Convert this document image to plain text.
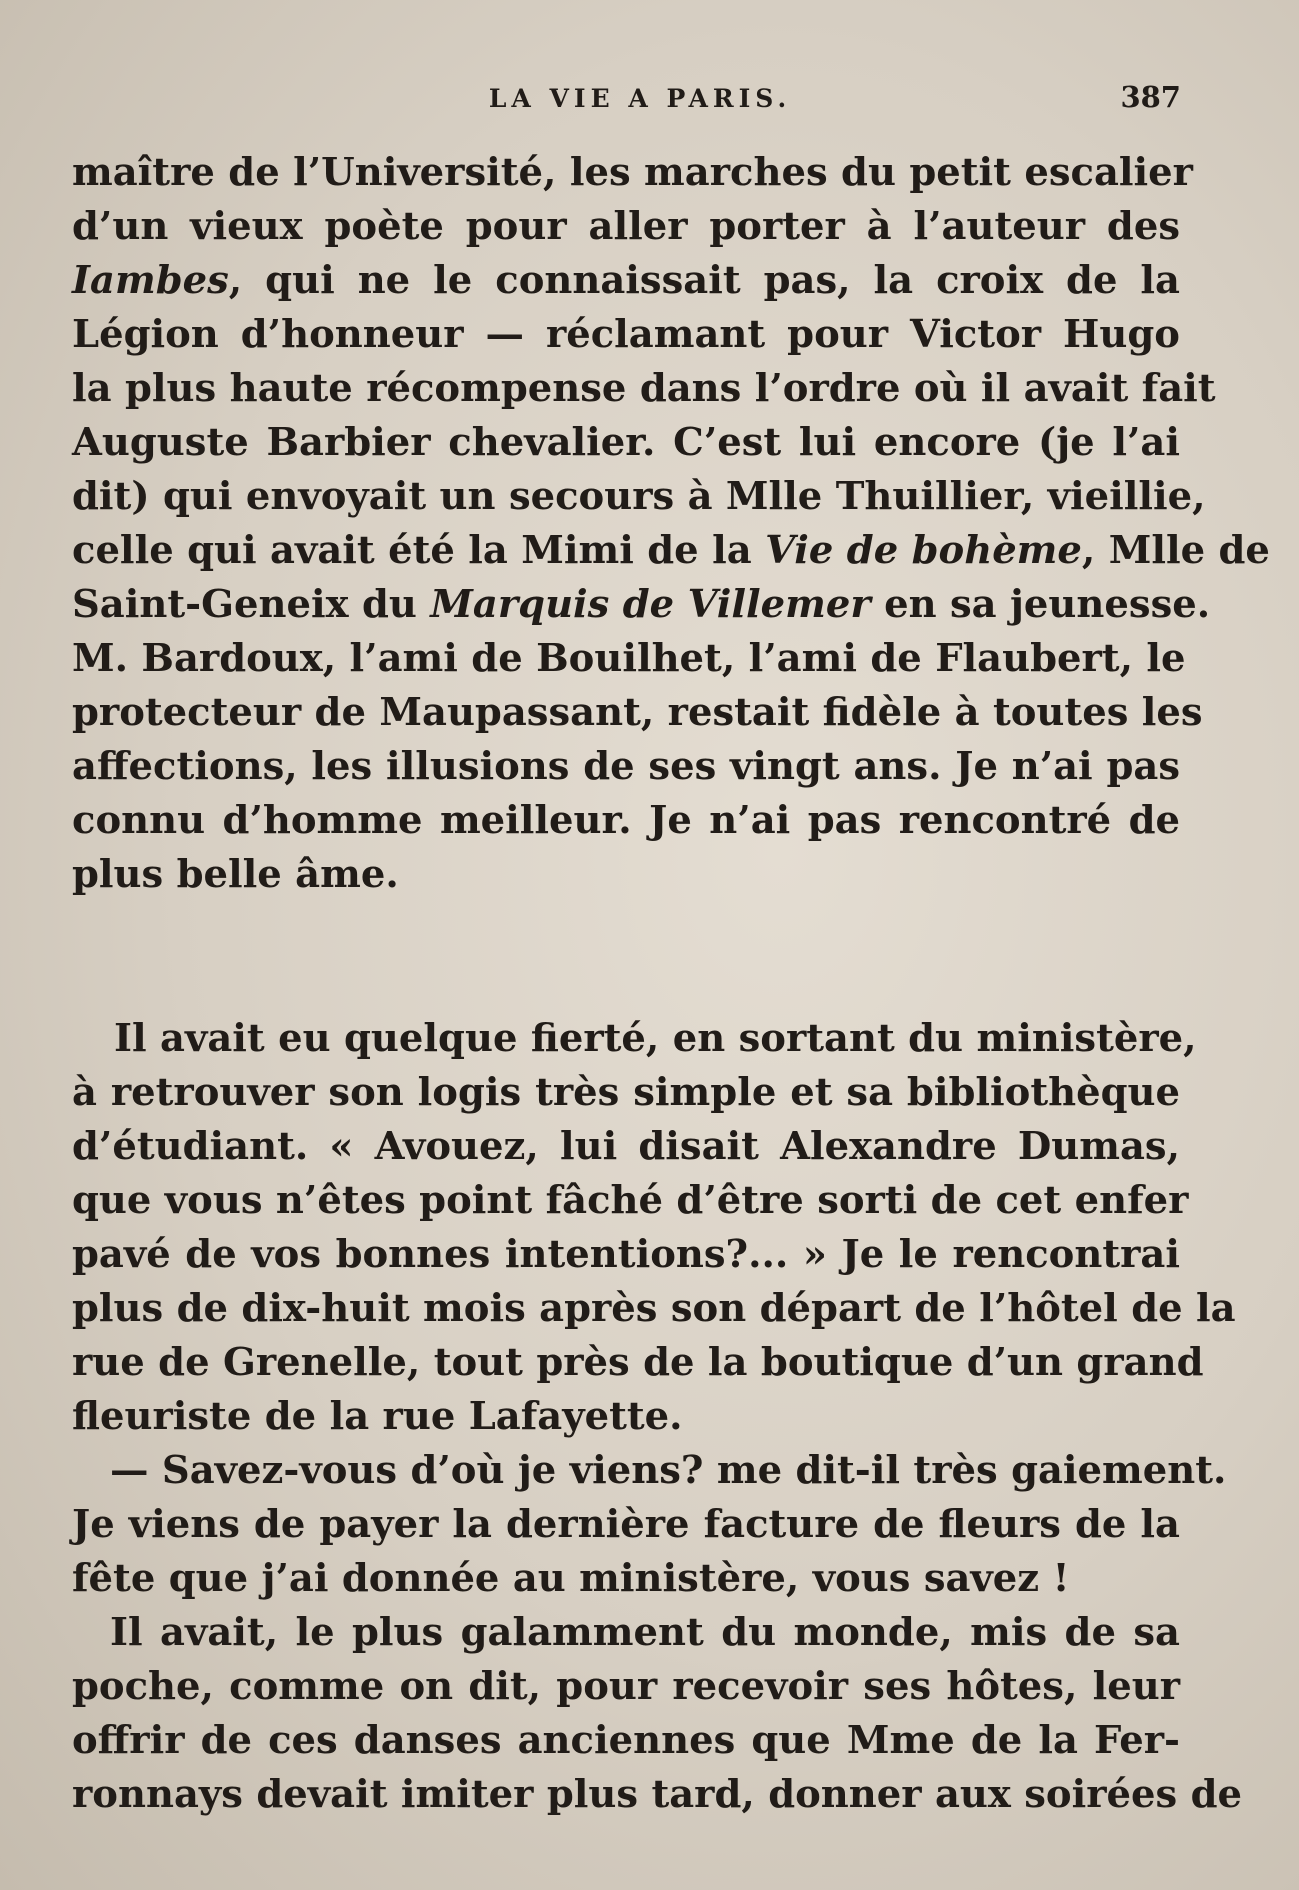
LA VIE A PARIS.	387
maître de l’Université, les marches du petit escalier
d’un vieux poète pour aller porter à l’auteur des
Iambes, qui ne le connaissait pas, la croix de la
Légion d’honneur — réclamant pour Victor Hugo
la plus haute récompense dans l’ordre où il avait fait
Auguste Barbier chevalier. C’est lui encore (je l’ai
dit) qui envoyait un secours à Mlle Thuillier, vieillie,
celle qui avait été la Mimi de la Vie de bohème, Mlle de
Saint-Geneix du Marquis de Villemer en sa jeunesse.
M. Bardoux, l’ami de Bouilhet, l’ami de Flaubert, le
protecteur de Maupassant, restait fidèle à toutes les
affections, les illusions de ses vingt ans. Je n’ai pas
connu d’homme meilleur. Je n’ai pas rencontré de
plus belle âme.
Il avait eu quelque fierté, en sortant du ministère,
à retrouver son logis très simple et sa bibliothèque
d’étudiant. « Avouez, lui disait Alexandre Dumas,
que vous n’êtes point fâché d’être sorti de cet enfer
pavé de vos bonnes intentions?... » Je le rencontrai
plus de dix-huit mois après son départ de l’hôtel de la
rue de Grenelle, tout près de la boutique d’un grand
fleuriste de la rue Lafayette.
— Savez-vous d’où je viens? me dit-il très gaiement.
Je viens de payer la dernière facture de fleurs de la
fête que j’ai donnée au ministère, vous savez !
Il avait, le plus galamment du monde, mis de sa
poche, comme on dit, pour recevoir ses hôtes, leur
offrir de ces danses anciennes que Mme de la Fer-
ronnays devait imiter plus tard, donner aux soirées de
